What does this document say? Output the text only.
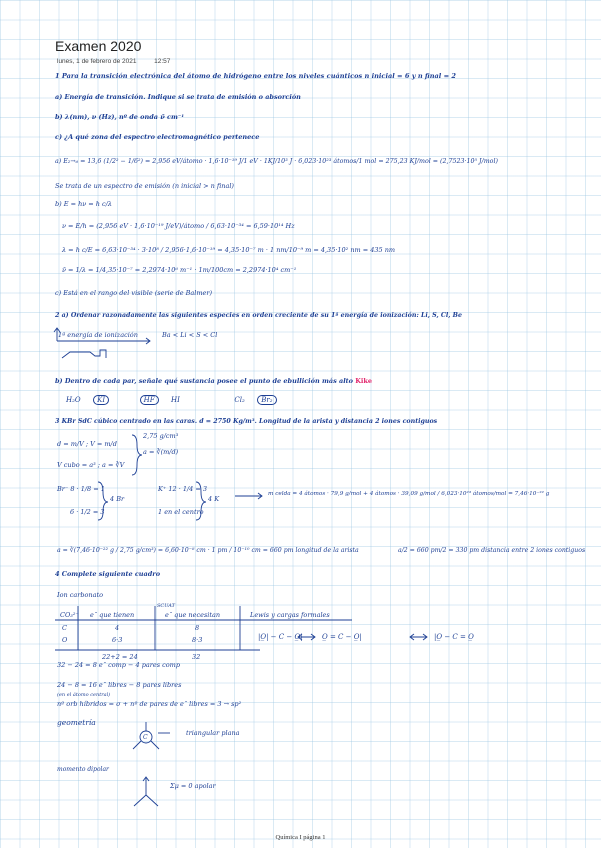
Examen 2020
lunes, 1 de febrero de 2021	12:57
1 Para la transición electrónica del átomo de hidrógeno entre los niveles cuánticos n inicial = 6 y n final = 2
a) Energía de transición. Indique si se trata de emisión o absorción
b) λ(nm), ν (Hz), nº de onda ν̄ cm⁻¹
c) ¿A qué zona del espectro electromagnético pertenece
a) E₂→₆ = 13,6 (1/2² − 1/6²) = 2,956 eV/átomo · 1,6·10⁻¹⁹ J/1 eV · 1KJ/10³ J · 6,023·10²³ átomos/1 mol = 275,23 KJ/mol = (2,7523·10⁵ J/mol)
Se trata de un espectro de emisión (n inicial > n final)
b) E = hν = h c/λ
ν = E/h = (2,956 eV · 1,6·10⁻¹⁹ J/eV)/átomo / 6,63·10⁻³⁴ = 6,59·10¹⁴ Hz
λ = h c/E = 6,63·10⁻³⁴ · 3·10⁸ / 2,956·1,6·10⁻¹⁹ = 4,35·10⁻⁷ m · 1 nm/10⁻⁹ m = 4,35·10² nm = 435 nm
ν̄ = 1/λ = 1/4,35·10⁻⁷ = 2,2974·10⁶ m⁻¹ · 1m/100cm = 2,2974·10⁴ cm⁻¹
c) Está en el rango del visible (serie de Balmer)
2 a) Ordenar razonadamente las siguientes especies en orden creciente de su 1ª energía de ionización: Li, S, Cl, Be
1ª energía de ionización	Ba < Li < S < Cl
b) Dentro de cada par, señale qué sustancia posee el punto de ebullición más alto Kike
H₂O KI	HF HI	Cl₂ Br₂
3 KBr SdC cúbico centrado en las caras. d = 2750 Kg/m³. Longitud de la arista y distancia 2 iones contiguos
d = m/V ; V = m/d
a = ∛(m/d)
2,75 g/cm³
V cubo = a³ ; a = ∛V
Br⁻ 8 · 1/8 = 1
6 · 1/2 = 3
4 Br
K⁺ 12 · 1/4 = 3
1 en el centro
4 K
m celda = 4 átomos · 79,9 g/mol + 4 átomos · 39,09 g/mol / 6,023·10²³ átomos/mol = 7,46·10⁻²² g
a = ∛(7,46·10⁻²² g / 2,75 g/cm³) = 6,60·10⁻⁸ cm · 1 pm / 10⁻¹⁰ cm = 660 pm longitud de la arista	a/2 = 660 pm/2 = 330 pm distancia entre 2 iones contiguos
4 Complete siguiente cuadro
Ion carbonato
SCUAT
CO₃²⁻ eˉ que tienen	eˉ que necesitan	Lewis y cargas formales
C	4	8
O	6·3	8·3
22+2 = 24	32
|O̲| − C − O̲|	O̲ = C − O̲|	|O̲ − C = O̲
32 − 24 = 8 eˉ comp − 4 pares comp
24 − 8 = 16 eˉ libres − 8 pares libres
(en el átomo central)
nº orb híbridos = σ + nº de pares de eˉ libres = 3 → sp²
geometría
triangular plana
C
momento dipolar
Σμ = 0 apolar
Química I página 1
